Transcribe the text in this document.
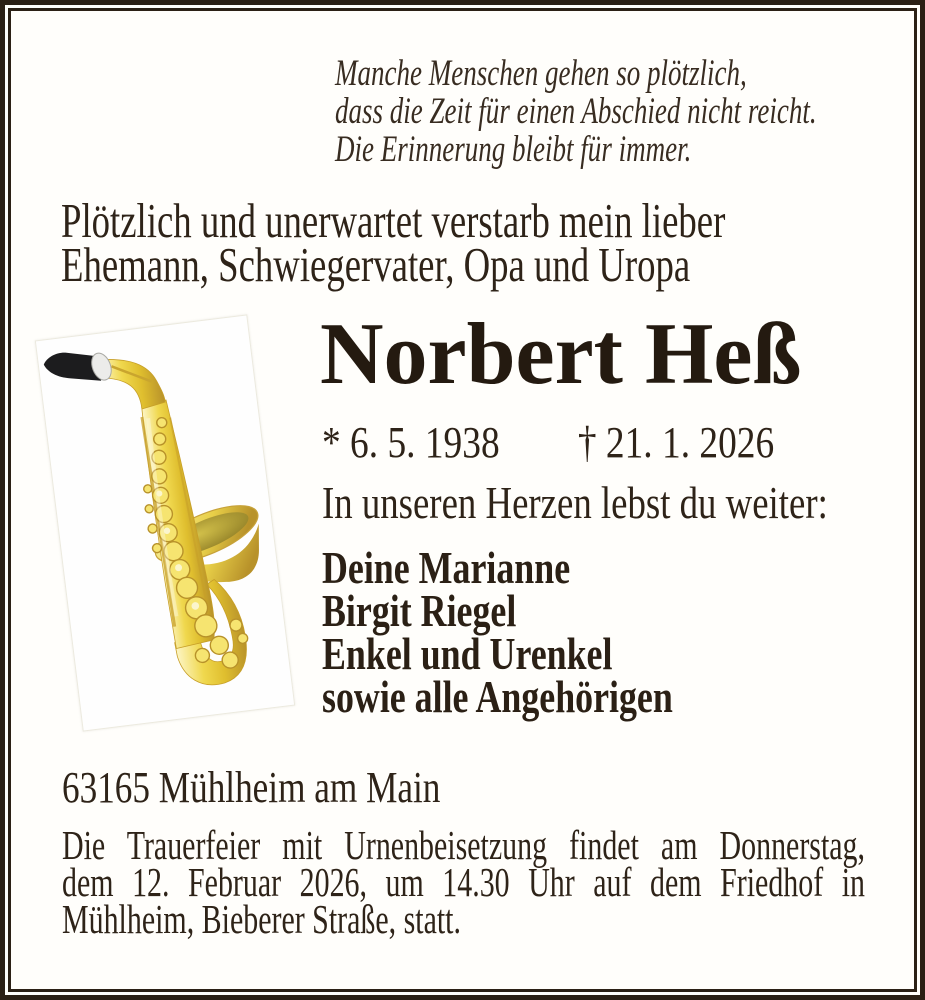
Manche Menschen gehen so plötzlich,
dass die Zeit für einen Abschied nicht reicht.
Die Erinnerung bleibt für immer.
Plötzlich und unerwartet verstarb mein lieber
Ehemann, Schwiegervater, Opa und Uropa
Norbert Heß
* 6. 5. 1938 † 21. 1. 2026
In unseren Herzen lebst du weiter:
Deine Marianne
Birgit Riegel
Enkel und Urenkel
sowie alle Angehörigen
63165 Mühlheim am Main
Die Trauerfeier mit Urnenbeisetzung findet am Donnerstag,
dem 12. Februar 2026, um 14.30 Uhr auf dem Friedhof in
Mühlheim, Bieberer Straße, statt.
